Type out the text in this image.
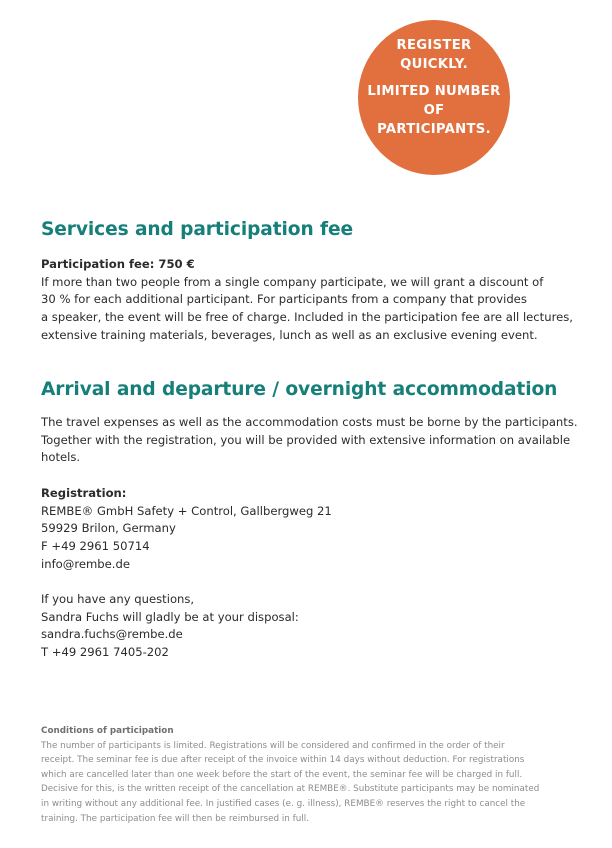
REGISTER
QUICKLY.
LIMITED NUMBER
OF
PARTICIPANTS.
Services and participation fee
Participation fee: 750 €
If more than two people from a single company participate, we will grant a discount of
30 % for each additional participant. For participants from a company that provides
a speaker, the event will be free of charge. Included in the participation fee are all lectures,
extensive training materials, beverages, lunch as well as an exclusive evening event.
Arrival and departure / overnight accommodation
The travel expenses as well as the accommodation costs must be borne by the participants.
Together with the registration, you will be provided with extensive information on available
hotels.
Registration:
REMBE® GmbH Safety + Control, Gallbergweg 21
59929 Brilon, Germany
F +49 2961 50714
info@rembe.de
If you have any questions,
Sandra Fuchs will gladly be at your disposal:
sandra.fuchs@rembe.de
T +49 2961 7405-202
Conditions of participation
The number of participants is limited. Registrations will be considered and confirmed in the order of their
receipt. The seminar fee is due after receipt of the invoice within 14 days without deduction. For registrations
which are cancelled later than one week before the start of the event, the seminar fee will be charged in full.
Decisive for this, is the written receipt of the cancellation at REMBE®. Substitute participants may be nominated
in writing without any additional fee. In justified cases (e. g. illness), REMBE® reserves the right to cancel the
training. The participation fee will then be reimbursed in full.
